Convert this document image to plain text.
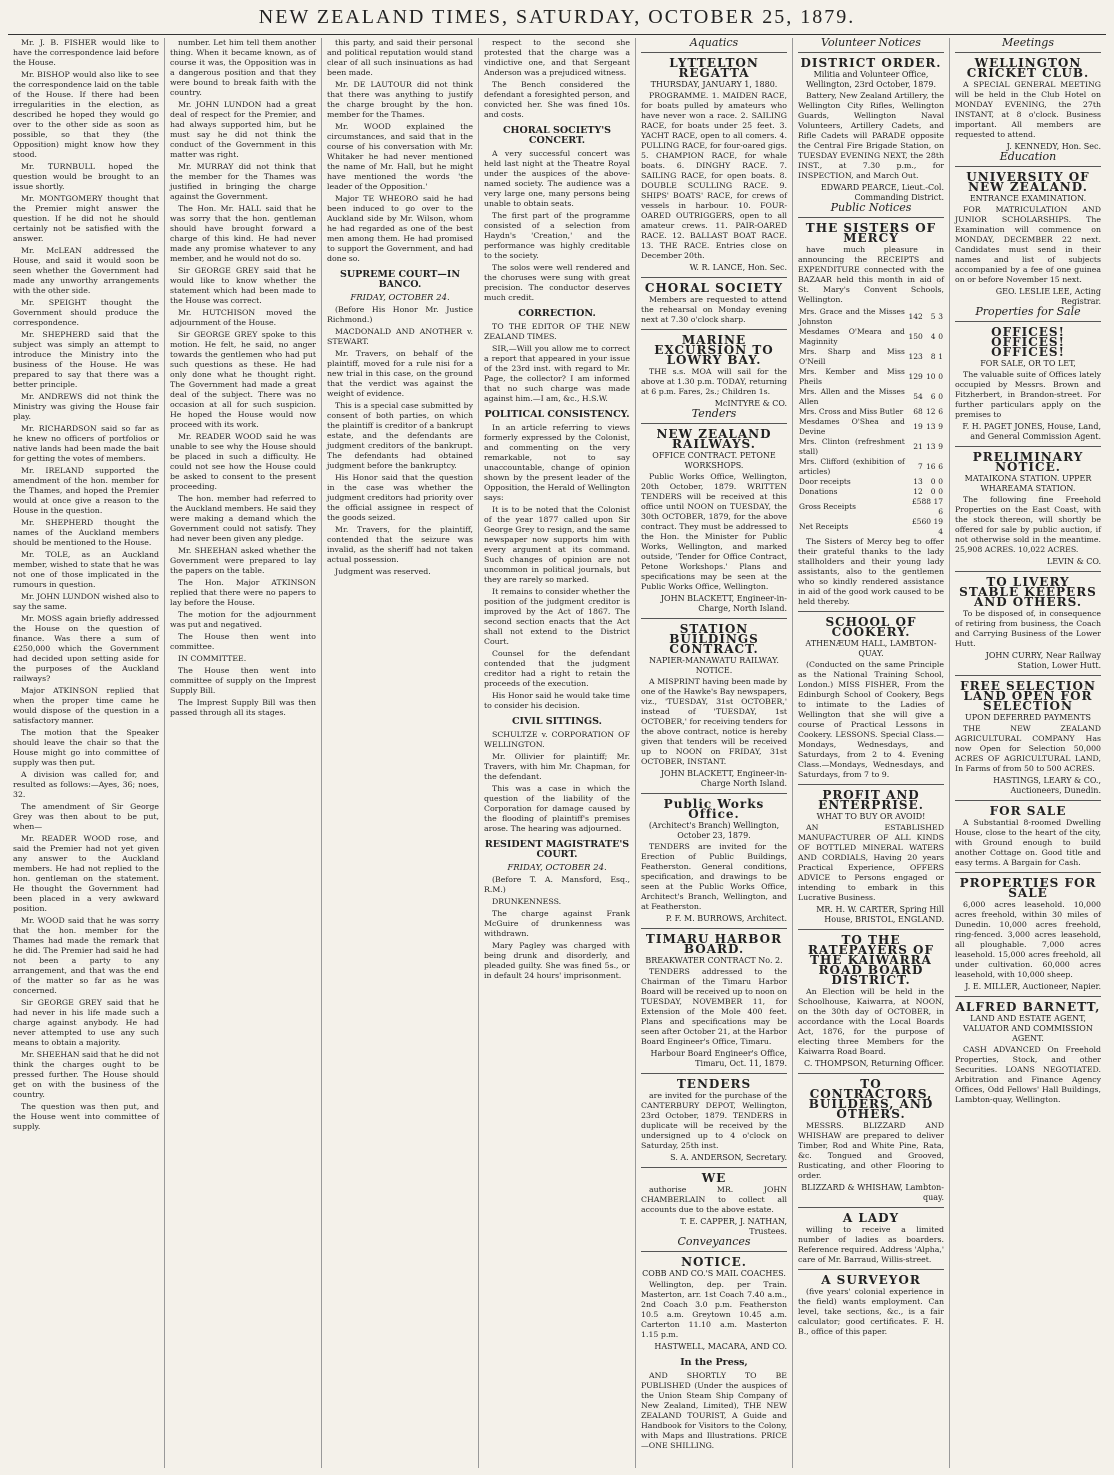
NEW ZEALAND TIMES, SATURDAY, OCTOBER 25, 1879.

Mr. J. B. FISHER would like to have the correspondence laid before the House.

Mr. BISHOP would also like to see the correspondence laid on the table of the House. If there had been irregularities in the election, as described he hoped they would go over to the other side as soon as possible, so that they (the Opposition) might know how they stood.

Mr. TURNBULL hoped the question would be brought to an issue shortly.

Mr. MONTGOMERY thought that the Premier might answer the question. If he did not he should certainly not be satisfied with the answer.

Mr. McLEAN addressed the House, and said it would soon be seen whether the Government had made any unworthy arrangements with the other side.

Mr. SPEIGHT thought the Government should produce the correspondence.

Mr. SHEPHERD said that the subject was simply an attempt to introduce the Ministry into the business of the House. He was prepared to say that there was a better principle.

Mr. ANDREWS did not think the Ministry was giving the House fair play.

Mr. RICHARDSON said so far as he knew no officers of portfolios or native lands had been made the bait for getting the votes of members.

Mr. IRELAND supported the amendment of the hon. member for the Thames, and hoped the Premier would at once give a reason to the House in the question.

Mr. SHEPHERD thought the names of the Auckland members should be mentioned to the House.

Mr. TOLE, as an Auckland member, wished to state that he was not one of those implicated in the rumours in question.

Mr. JOHN LUNDON wished also to say the same.

Mr. MOSS again briefly addressed the House on the question of finance. Was there a sum of £250,000 which the Government had decided upon setting aside for the purposes of the Auckland railways?

Major ATKINSON replied that when the proper time came he would dispose of the question in a satisfactory manner.

The motion that the Speaker should leave the chair so that the House might go into committee of supply was then put.

A division was called for, and resulted as follows:—Ayes, 36; noes, 32.

The amendment of Sir George Grey was then about to be put, when—

Mr. READER WOOD rose, and said the Premier had not yet given any answer to the Auckland members. He had not replied to the hon. gentleman on the statement. He thought the Government had been placed in a very awkward position.

Mr. WOOD said that he was sorry that the hon. member for the Thames had made the remark that he did. The Premier had said he had not been a party to any arrangement, and that was the end of the matter so far as he was concerned.

Sir GEORGE GREY said that he had never in his life made such a charge against anybody. He had never attempted to use any such means to obtain a majority.

Mr. SHEEHAN said that he did not think the charges ought to be pressed further. The House should get on with the business of the country.

The question was then put, and the House went into committee of supply.

number. Let him tell them another thing. When it became known, as of course it was, the Opposition was in a dangerous position and that they were bound to break faith with the country.

Mr. JOHN LUNDON had a great deal of respect for the Premier, and had always supported him, but he must say he did not think the conduct of the Government in this matter was right.

Mr. MURRAY did not think that the member for the Thames was justified in bringing the charge against the Government.

The Hon. Mr. HALL said that he was sorry that the hon. gentleman should have brought forward a charge of this kind. He had never made any promise whatever to any member, and he would not do so.

Sir GEORGE GREY said that he would like to know whether the statement which had been made to the House was correct.

Mr. HUTCHISON moved the adjournment of the House.

Sir GEORGE GREY spoke to this motion. He felt, he said, no anger towards the gentlemen who had put such questions as these. He had only done what he thought right. The Government had made a great deal of the subject. There was no occasion at all for such suspicion. He hoped the House would now proceed with its work.

Mr. READER WOOD said he was unable to see why the House should be placed in such a difficulty. He could not see how the House could be asked to consent to the present proceeding.

The hon. member had referred to the Auckland members. He said they were making a demand which the Government could not satisfy. They had never been given any pledge.

Mr. SHEEHAN asked whether the Government were prepared to lay the papers on the table.

The Hon. Major ATKINSON replied that there were no papers to lay before the House.

The motion for the adjournment was put and negatived.

The House then went into committee.

IN COMMITTEE.

The House then went into committee of supply on the Imprest Supply Bill.

The Imprest Supply Bill was then passed through all its stages.

this party, and said their personal and political reputation would stand clear of all such insinuations as had been made.

Mr. DE LAUTOUR did not think that there was anything to justify the charge brought by the hon. member for the Thames.

Mr. WOOD explained the circumstances, and said that in the course of his conversation with Mr. Whitaker he had never mentioned the name of Mr. Hall, but he might have mentioned the words 'the leader of the Opposition.'

Major TE WHEORO said he had been induced to go over to the Auckland side by Mr. Wilson, whom he had regarded as one of the best men among them. He had promised to support the Government, and had done so.

SUPREME COURT—IN BANCO.
FRIDAY, OCTOBER 24.

(Before His Honor Mr. Justice Richmond.)

MACDONALD AND ANOTHER v. STEWART.

Mr. Travers, on behalf of the plaintiff, moved for a rule nisi for a new trial in this case, on the ground that the verdict was against the weight of evidence.

This is a special case submitted by consent of both parties, on which the plaintiff is creditor of a bankrupt estate, and the defendants are judgment creditors of the bankrupt. The defendants had obtained judgment before the bankruptcy.

His Honor said that the question in the case was whether the judgment creditors had priority over the official assignee in respect of the goods seized.

Mr. Travers, for the plaintiff, contended that the seizure was invalid, as the sheriff had not taken actual possession.

Judgment was reserved.

respect to the second she protested that the charge was a vindictive one, and that Sergeant Anderson was a prejudiced witness.

The Bench considered the defendant a foresighted person, and convicted her. She was fined 10s. and costs.

CHORAL SOCIETY'S CONCERT.

A very successful concert was held last night at the Theatre Royal under the auspices of the above-named society. The audience was a very large one, many persons being unable to obtain seats.

The first part of the programme consisted of a selection from Haydn's 'Creation,' and the performance was highly creditable to the society.

The solos were well rendered and the choruses were sung with great precision. The conductor deserves much credit.

CORRECTION.

TO THE EDITOR OF THE NEW ZEALAND TIMES.

SIR,—Will you allow me to correct a report that appeared in your issue of the 23rd inst. with regard to Mr. Page, the collector? I am informed that no such charge was made against him.—I am, &c., H.S.W.

POLITICAL CONSISTENCY.

In an article referring to views formerly expressed by the Colonist, and commenting on the very remarkable, not to say unaccountable, change of opinion shown by the present leader of the Opposition, the Herald of Wellington says:

It is to be noted that the Colonist of the year 1877 called upon Sir George Grey to resign, and the same newspaper now supports him with every argument at its command. Such changes of opinion are not uncommon in political journals, but they are rarely so marked.

It remains to consider whether the position of the judgment creditor is improved by the Act of 1867. The second section enacts that the Act shall not extend to the District Court.

Counsel for the defendant contended that the judgment creditor had a right to retain the proceeds of the execution.

His Honor said he would take time to consider his decision.

CIVIL SITTINGS.

SCHULTZE v. CORPORATION OF WELLINGTON.

Mr. Ollivier for plaintiff; Mr. Travers, with him Mr. Chapman, for the defendant.

This was a case in which the question of the liability of the Corporation for damage caused by the flooding of plaintiff's premises arose. The hearing was adjourned.

RESIDENT MAGISTRATE'S COURT.
FRIDAY, OCTOBER 24.

(Before T. A. Mansford, Esq., R.M.)

DRUNKENNESS.

The charge against Frank McGuire of drunkenness was withdrawn.

Mary Pagley was charged with being drunk and disorderly, and pleaded guilty. She was fined 5s., or in default 24 hours' imprisonment.

Aquatics
LYTTELTON REGATTA
THURSDAY, JANUARY 1, 1880.

PROGRAMME. 1. MAIDEN RACE, for boats pulled by amateurs who have never won a race. 2. SAILING RACE, for boats under 25 feet. 3. YACHT RACE, open to all comers. 4. PULLING RACE, for four-oared gigs. 5. CHAMPION RACE, for whale boats. 6. DINGHY RACE. 7. SAILING RACE, for open boats. 8. DOUBLE SCULLING RACE. 9. SHIPS' BOATS' RACE, for crews of vessels in harbour. 10. FOUR-OARED OUTRIGGERS, open to all amateur crews. 11. PAIR-OARED RACE. 12. BALLAST BOAT RACE. 13. THE RACE. Entries close on December 20th.

W. R. LANCE, Hon. Sec.
CHORAL SOCIETY

Members are requested to attend the rehearsal on Monday evening next at 7.30 o'clock sharp.

MARINE EXCURSION TO LOWRY BAY.

THE s.s. MOA will sail for the above at 1.30 p.m. TODAY, returning at 6 p.m. Fares, 2s.; Children 1s.

McINTYRE & CO.
Tenders
NEW ZEALAND RAILWAYS.
OFFICE CONTRACT. PETONE WORKSHOPS.

Public Works Office, Wellington, 20th October, 1879. WRITTEN TENDERS will be received at this office until NOON on TUESDAY, the 30th OCTOBER, 1879, for the above contract. They must be addressed to the Hon. the Minister for Public Works, Wellington, and marked outside, 'Tender for Office Contract, Petone Workshops.' Plans and specifications may be seen at the Public Works Office, Wellington.

JOHN BLACKETT, Engineer-in-Charge, North Island.
STATION BUILDINGS CONTRACT.
NAPIER-MANAWATU RAILWAY. NOTICE.

A MISPRINT having been made by one of the Hawke's Bay newspapers, viz., 'TUESDAY, 31st OCTOBER,' instead of 'TUESDAY, 1st OCTOBER,' for receiving tenders for the above contract, notice is hereby given that tenders will be received up to NOON on FRIDAY, 31st OCTOBER, INSTANT.

JOHN BLACKETT, Engineer-in-Charge North Island.
Public Works Office.
(Architect's Branch) Wellington, October 23, 1879.

TENDERS are invited for the Erection of Public Buildings, Featherston. General conditions, specification, and drawings to be seen at the Public Works Office, Architect's Branch, Wellington, and at Featherston.

P. F. M. BURROWS, Architect.
TIMARU HARBOR BOARD.
BREAKWATER CONTRACT No. 2.

TENDERS addressed to the Chairman of the Timaru Harbor Board will be received up to noon on TUESDAY, NOVEMBER 11, for Extension of the Mole 400 feet. Plans and specifications may be seen after October 21, at the Harbor Board Engineer's Office, Timaru.

Harbour Board Engineer's Office, Timaru, Oct. 11, 1879.
TENDERS

are invited for the purchase of the CANTERBURY DEPOT, Wellington, 23rd October, 1879. TENDERS in duplicate will be received by the undersigned up to 4 o'clock on Saturday, 25th inst.

S. A. ANDERSON, Secretary.
WE

authorise MR. JOHN CHAMBERLAIN to collect all accounts due to the above estate.

T. E. CAPPER, J. NATHAN, Trustees.
Conveyances
NOTICE.
COBB AND CO.'S MAIL COACHES.

Wellington, dep. per Train. Masterton, arr. 1st Coach 7.40 a.m., 2nd Coach 3.0 p.m. Featherston 10.5 a.m. Greytown 10.45 a.m. Carterton 11.10 a.m. Masterton 1.15 p.m.

HASTWELL, MACARA, AND CO.
In the Press,

AND SHORTLY TO BE PUBLISHED (Under the auspices of the Union Steam Ship Company of New Zealand, Limited), THE NEW ZEALAND TOURIST, A Guide and Handbook for Visitors to the Colony, with Maps and Illustrations. PRICE—ONE SHILLING.

Volunteer Notices
DISTRICT ORDER.
Militia and Volunteer Office, Wellington, 23rd October, 1879.

Battery, New Zealand Artillery, the Wellington City Rifles, Wellington Guards, Wellington Naval Volunteers, Artillery Cadets, and Rifle Cadets will PARADE opposite the Central Fire Brigade Station, on TUESDAY EVENING NEXT, the 28th INST., at 7.30 p.m., for INSPECTION, and March Out.

EDWARD PEARCE, Lieut.-Col. Commanding District.
Public Notices
THE SISTERS OF MERCY

have much pleasure in announcing the RECEIPTS and EXPENDITURE connected with the BAZAAR held this month in aid of St. Mary's Convent Schools, Wellington.

Mrs. Grace and the Misses Johnston	142	5	3
Mesdames O'Meara and Maginnity	150	4	0
Mrs. Sharp and Miss O'Neill	123	8	1
Mrs. Kember and Miss Pheils	129	10	0
Mrs. Allen and the Misses Allen	54	6	0
Mrs. Cross and Miss Butler	68	12	6
Mesdames O'Shea and Devine	19	13	9
Mrs. Clinton (refreshment stall)	21	13	9
Mrs. Clifford (exhibition of articles)	7	16	6
Door receipts	13	0	0
Donations	12	0	0
Gross Receipts	£588 17 6		
Net Receipts	£560 19 4		

The Sisters of Mercy beg to offer their grateful thanks to the lady stallholders and their young lady assistants, also to the gentlemen who so kindly rendered assistance in aid of the good work caused to be held thereby.

SCHOOL OF COOKERY.
ATHENÆUM HALL, LAMBTON-QUAY.

(Conducted on the same Principle as the National Training School, London.) MISS FISHER, From the Edinburgh School of Cookery, Begs to intimate to the Ladies of Wellington that she will give a course of Practical Lessons in Cookery. LESSONS. Special Class.—Mondays, Wednesdays, and Saturdays, from 2 to 4. Evening Class.—Mondays, Wednesdays, and Saturdays, from 7 to 9.

PROFIT AND ENTERPRISE.
WHAT TO BUY OR AVOID!

AN ESTABLISHED MANUFACTURER OF ALL KINDS OF BOTTLED MINERAL WATERS AND CORDIALS, Having 20 years Practical Experience, OFFERS ADVICE to Persons engaged or intending to embark in this Lucrative Business.

MR. H. W. CARTER, Spring Hill House, BRISTOL, ENGLAND.
TO THE RATEPAYERS OF THE KAIWARRA ROAD BOARD DISTRICT.

An Election will be held in the Schoolhouse, Kaiwarra, at NOON, on the 30th day of OCTOBER, in accordance with the Local Boards Act, 1876, for the purpose of electing three Members for the Kaiwarra Road Board.

C. THOMPSON, Returning Officer.
TO CONTRACTORS, BUILDERS, AND OTHERS.

MESSRS. BLIZZARD AND WHISHAW are prepared to deliver Timber, Rod and White Pine, Rata, &c. Tongued and Grooved, Rusticating, and other Flooring to order.

BLIZZARD & WHISHAW, Lambton-quay.
A LADY

willing to receive a limited number of ladies as boarders. Reference required. Address 'Alpha,' care of Mr. Barraud, Willis-street.

A SURVEYOR

(five years' colonial experience in the field) wants employment. Can level, take sections, &c., is a fair calculator; good certificates. F. H. B., office of this paper.

Meetings
WELLINGTON CRICKET CLUB.

A SPECIAL GENERAL MEETING will be held in the Club Hotel on MONDAY EVENING, the 27th INSTANT, at 8 o'clock. Business important. All members are requested to attend.

J. KENNEDY, Hon. Sec.
Education
UNIVERSITY OF NEW ZEALAND.
ENTRANCE EXAMINATION.

FOR MATRICULATION AND JUNIOR SCHOLARSHIPS. The Examination will commence on MONDAY, DECEMBER 22 next. Candidates must send in their names and list of subjects accompanied by a fee of one guinea on or before November 15 next.

GEO. LESLIE LEE, Acting Registrar.
Properties for Sale
OFFICES! OFFICES! OFFICES!
FOR SALE, OR TO LET,

The valuable suite of Offices lately occupied by Messrs. Brown and Fitzherbert, in Brandon-street. For further particulars apply on the premises to

F. H. PAGET JONES, House, Land, and General Commission Agent.
PRELIMINARY NOTICE.
MATAIKONA STATION. UPPER WHAREAMA STATION.

The following fine Freehold Properties on the East Coast, with the stock thereon, will shortly be offered for sale by public auction, if not otherwise sold in the meantime. 25,908 ACRES. 10,022 ACRES.

LEVIN & CO.
TO LIVERY STABLE KEEPERS AND OTHERS.

To be disposed of, in consequence of retiring from business, the Coach and Carrying Business of the Lower Hutt.

JOHN CURRY, Near Railway Station, Lower Hutt.
FREE SELECTION LAND OPEN FOR SELECTION
UPON DEFERRED PAYMENTS

THE NEW ZEALAND AGRICULTURAL COMPANY Has now Open for Selection 50,000 ACRES OF AGRICULTURAL LAND, In Farms of from 50 to 500 ACRES.

HASTINGS, LEARY & CO., Auctioneers, Dunedin.
FOR SALE

A Substantial 8-roomed Dwelling House, close to the heart of the city, with Ground enough to build another Cottage on. Good title and easy terms. A Bargain for Cash.

PROPERTIES FOR SALE

6,000 acres leasehold. 10,000 acres freehold, within 30 miles of Dunedin. 10,000 acres freehold, ring-fenced. 3,000 acres leasehold, all ploughable. 7,000 acres leasehold. 15,000 acres freehold, all under cultivation. 60,000 acres leasehold, with 10,000 sheep.

J. E. MILLER, Auctioneer, Napier.
ALFRED BARNETT,
LAND AND ESTATE AGENT, VALUATOR AND COMMISSION AGENT.

CASH ADVANCED On Freehold Properties, Stock, and other Securities. LOANS NEGOTIATED. Arbitration and Finance Agency Offices, Odd Fellows' Hall Buildings, Lambton-quay, Wellington.
